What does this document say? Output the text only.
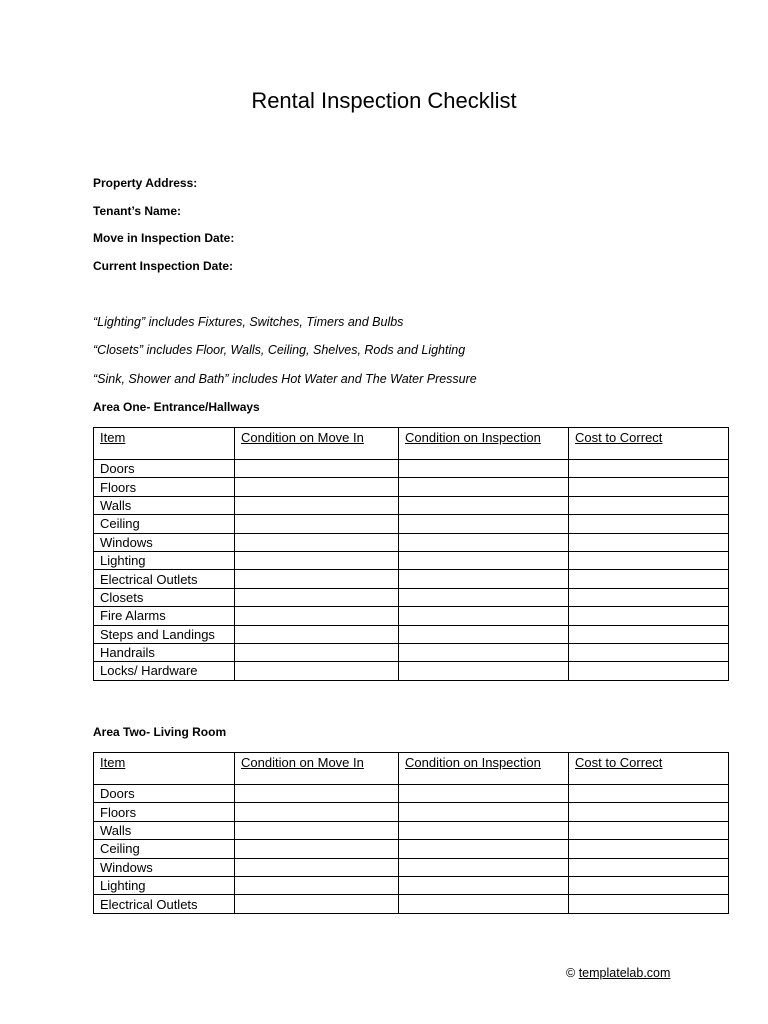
Rental Inspection Checklist
Property Address:
Tenant’s Name:
Move in Inspection Date:
Current Inspection Date:
“Lighting” includes Fixtures, Switches, Timers and Bulbs
“Closets” includes Floor, Walls, Ceiling, Shelves, Rods and Lighting
“Sink, Shower and Bath” includes Hot Water and The Water Pressure
Area One- Entrance/Hallways
Item	Condition on Move In	Condition on Inspection	Cost to Correct
Doors			
Floors			
Walls			
Ceiling			
Windows			
Lighting			
Electrical Outlets			
Closets			
Fire Alarms			
Steps and Landings			
Handrails			
Locks/ Hardware			
Area Two- Living Room
Item	Condition on Move In	Condition on Inspection	Cost to Correct
Doors			
Floors			
Walls			
Ceiling			
Windows			
Lighting			
Electrical Outlets			
© templatelab.com
